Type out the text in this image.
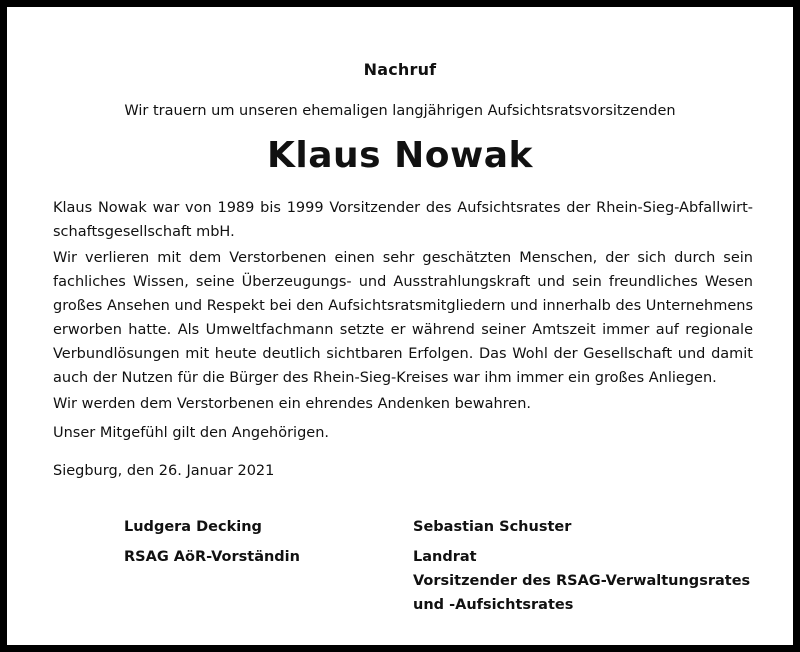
Nachruf
Wir trauern um unseren ehemaligen langjährigen Aufsichtsratsvorsitzenden
Klaus Nowak

Klaus Nowak war von 1989 bis 1999 Vorsitzender des Aufsichtsrates der Rhein-Sieg-Abfallwirtschaftsgesellschaft mbH.

Wir verlieren mit dem Verstorbenen einen sehr geschätzten Menschen, der sich durch sein fachliches Wissen, seine Überzeugungs- und Ausstrahlungskraft und sein freundliches Wesen großes Ansehen und Respekt bei den Aufsichtsratsmitgliedern und innerhalb des Unternehmens erworben hatte. Als Umweltfachmann setzte er während seiner Amtszeit immer auf regionale Verbundlösungen mit heute deutlich sichtbaren Erfolgen. Das Wohl der Gesellschaft und damit auch der Nutzen für die Bürger des Rhein-Sieg-Kreises war ihm immer ein großes Anliegen.

Wir werden dem Verstorbenen ein ehrendes Andenken bewahren.

Unser Mitgefühl gilt den Angehörigen.

Siegburg, den 26. Januar 2021
Ludgera Decking
RSAG AöR-Vorständin
Sebastian Schuster
Landrat
Vorsitzender des RSAG-Verwaltungsrates
und -Aufsichtsrates
